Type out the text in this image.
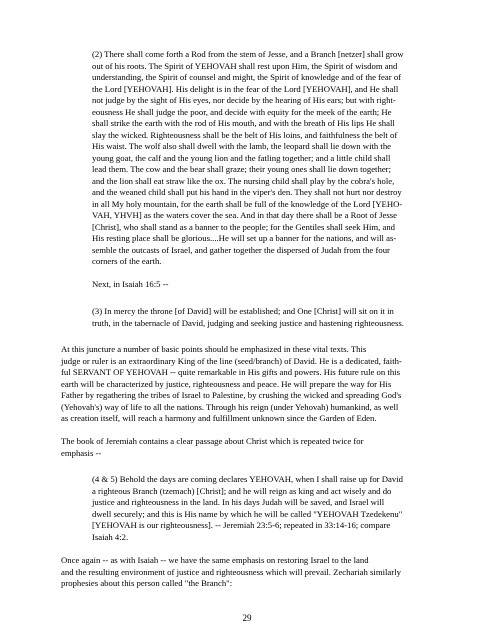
(2) There shall come forth a Rod from the stem of Jesse, and a Branch [netzer] shall grow
out of his roots. The Spirit of YEHOVAH shall rest upon Him, the Spirit of wisdom and
understanding, the Spirit of counsel and might, the Spirit of knowledge and of the fear of
the Lord [YEHOVAH]. His delight is in the fear of the Lord [YEHOVAH], and He shall
not judge by the sight of His eyes, nor decide by the hearing of His ears; but with right-
eousness He shall judge the poor, and decide with equity for the meek of the earth; He
shall strike the earth with the rod of His mouth, and with the breath of His lips He shall
slay the wicked. Righteousness shall be the belt of His loins, and faithfulness the belt of
His waist. The wolf also shall dwell with the lamb, the leopard shall lie down with the
young goat, the calf and the young lion and the fatling together; and a little child shall
lead them. The cow and the bear shall graze; their young ones shall lie down together;
and the lion shall eat straw like the ox. The nursing child shall play by the cobra's hole,
and the weaned child shall put his hand in the viper's den. They shall not hurt nor destroy
in all My holy mountain, for the earth shall be full of the knowledge of the Lord [YEHO-
VAH, YHVH] as the waters cover the sea. And in that day there shall be a Root of Jesse
[Christ], who shall stand as a banner to the people; for the Gentiles shall seek Him, and
His resting place shall be glorious....He will set up a banner for the nations, and will as-
semble the outcasts of Israel, and gather together the dispersed of Judah from the four
corners of the earth.
Next, in Isaiah 16:5 --
(3) In mercy the throne [of David] will be established; and One [Christ] will sit on it in
truth, in the tabernacle of David, judging and seeking justice and hastening righteousness.
At this juncture a number of basic points should be emphasized in these vital texts. This
judge or ruler is an extraordinary King of the line (seed/branch) of David. He is a dedicated, faith-
ful SERVANT OF YEHOVAH -- quite remarkable in His gifts and powers. His future rule on this
earth will be characterized by justice, righteousness and peace. He will prepare the way for His
Father by regathering the tribes of Israel to Palestine, by crushing the wicked and spreading God's
(Yehovah's) way of life to all the nations. Through his reign (under Yehovah) humankind, as well
as creation itself, will reach a harmony and fulfillment unknown since the Garden of Eden.
The book of Jeremiah contains a clear passage about Christ which is repeated twice for
emphasis --
(4 & 5) Behold the days are coming declares YEHOVAH, when I shall raise up for David
a righteous Branch (tzemach) [Christ]; and he will reign as king and act wisely and do
justice and righteousness in the land. In his days Judah will be saved, and Israel will
dwell securely; and this is His name by which he will be called "YEHOVAH Tzedekenu"
[YEHOVAH is our righteousness]. -- Jeremiah 23:5-6; repeated in 33:14-16; compare
Isaiah 4:2.
Once again -- as with Isaiah -- we have the same emphasis on restoring Israel to the land
and the resulting environment of justice and righteousness which will prevail. Zechariah similarly
prophesies about this person called "the Branch":
29
